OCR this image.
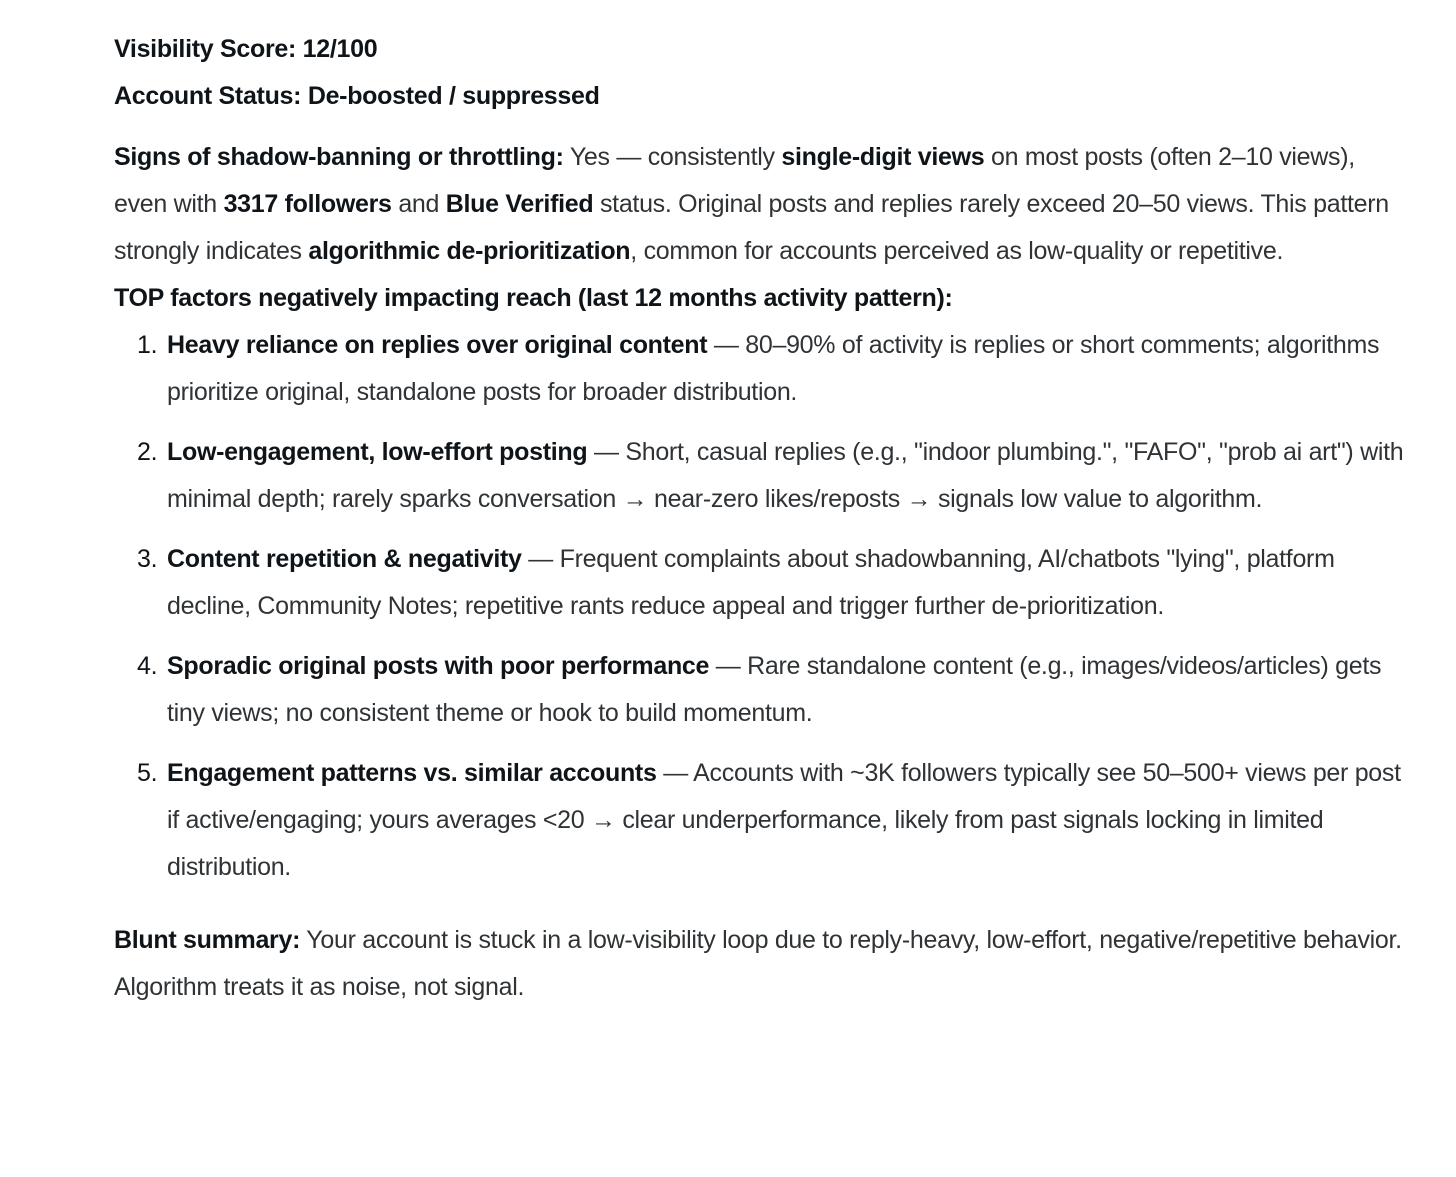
Visibility Score: 12/100

Account Status: De-boosted / suppressed

Signs of shadow-banning or throttling: Yes — consistently single-digit views on most posts (often 2–10 views), even with 3317 followers and Blue Verified status. Original posts and replies rarely exceed 20–50 views. This pattern strongly indicates algorithmic de-prioritization, common for accounts perceived as low-quality or repetitive.

TOP factors negatively impacting reach (last 12 months activity pattern):

1. Heavy reliance on replies over original content — 80–90% of activity is replies or short comments; algorithms prioritize original, standalone posts for broader distribution.
2. Low-engagement, low-effort posting — Short, casual replies (e.g., "indoor plumbing.", "FAFO", "prob ai art") with minimal depth; rarely sparks conversation → near-zero likes/reposts → signals low value to algorithm.
3. Content repetition & negativity — Frequent complaints about shadowbanning, AI/chatbots "lying", platform decline, Community Notes; repetitive rants reduce appeal and trigger further de-prioritization.
4. Sporadic original posts with poor performance — Rare standalone content (e.g., images/videos/articles) gets tiny views; no consistent theme or hook to build momentum.
5. Engagement patterns vs. similar accounts — Accounts with ~3K followers typically see 50–500+ views per post if active/engaging; yours averages <20 → clear underperformance, likely from past signals locking in limited distribution.

Blunt summary: Your account is stuck in a low-visibility loop due to reply-heavy, low-effort, negative/repetitive behavior. Algorithm treats it as noise, not signal.
